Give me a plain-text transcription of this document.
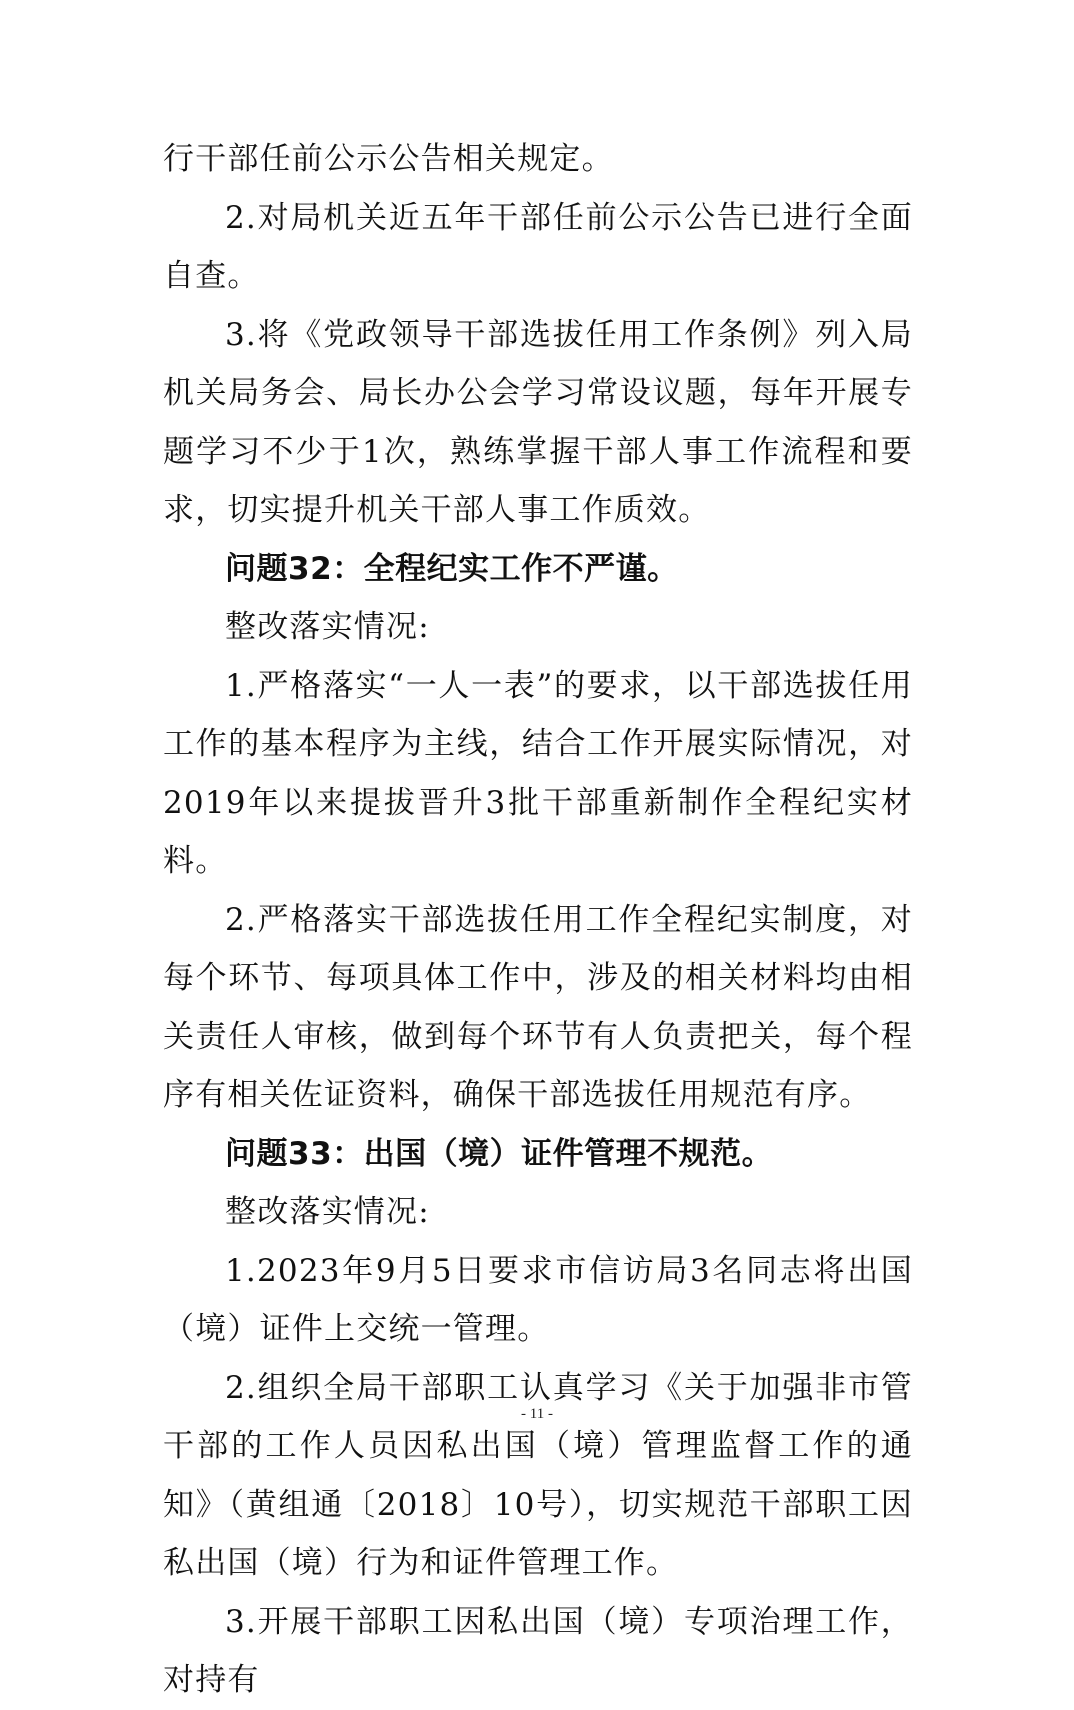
行干部任前公示公告相关规定。

2.对局机关近五年干部任前公示公告已进行全面自查。

3.将《党政领导干部选拔任用工作条例》列入局机关局务会、局长办公会学习常设议题，每年开展专题学习不少于1次，熟练掌握干部人事工作流程和要求，切实提升机关干部人事工作质效。

问题32：全程纪实工作不严谨。

整改落实情况:

1.严格落实“一人一表”的要求，以干部选拔任用工作的基本程序为主线，结合工作开展实际情况，对2019年以来提拔晋升3批干部重新制作全程纪实材料。

2.严格落实干部选拔任用工作全程纪实制度，对每个环节、每项具体工作中，涉及的相关材料均由相关责任人审核，做到每个环节有人负责把关，每个程序有相关佐证资料，确保干部选拔任用规范有序。

问题33：出国（境）证件管理不规范。

整改落实情况:

1.2023年9月5日要求市信访局3名同志将出国（境）证件上交统一管理。

2.组织全局干部职工认真学习《关于加强非市管干部的工作人员因私出国（境）管理监督工作的通知》（黄组通〔2018〕10号），切实规范干部职工因私出国（境）行为和证件管理工作。

3.开展干部职工因私出国（境）专项治理工作，对持有

- 11 -
